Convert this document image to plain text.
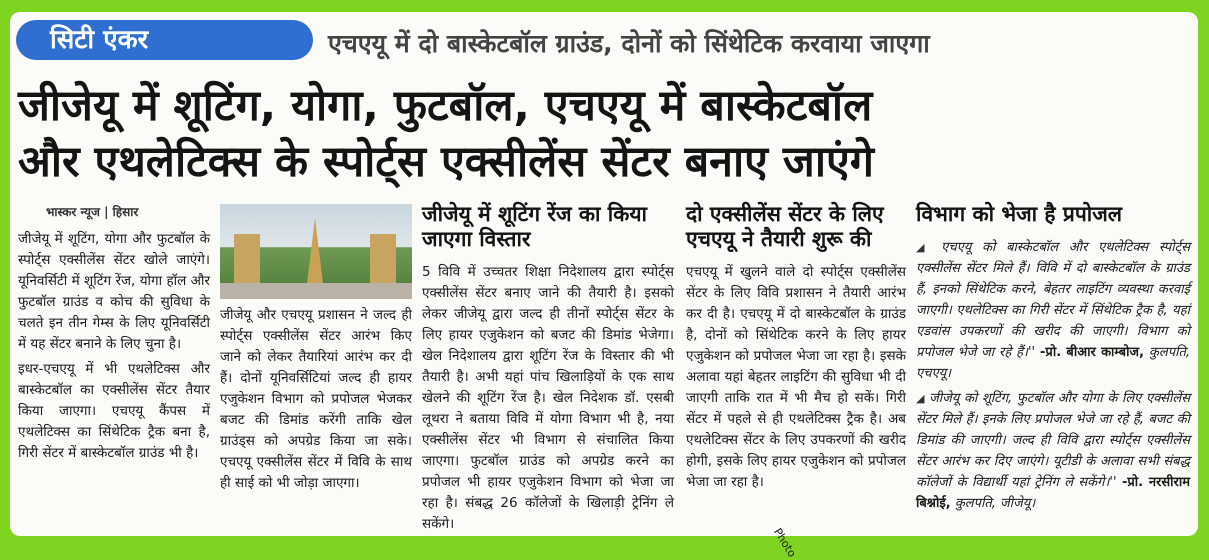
सिटी एंकर	एचएयू में दो बास्केटबॉल ग्राउंड, दोनों को सिंथेटिक करवाया जाएगा
जीजेयू में शूटिंग, योगा, फुटबॉल, एचएयू में बास्केटबॉल
और एथलेटिक्स के स्पोर्ट्स एक्सीलेंस सेंटर बनाए जाएंगे
भास्कर न्यूज | हिसार

जीजेयू में शूटिंग, योगा और फुटबॉल के स्पोर्ट्स एक्सीलेंस सेंटर खोले जाएंगे। यूनिवर्सिटी में शूटिंग रेंज, योगा हॉल और फुटबॉल ग्राउंड व कोच की सुविधा के चलते इन तीन गेम्स के लिए यूनिवर्सिटी में यह सेंटर बनाने के लिए चुना है।

इधर-एचएयू में भी एथलेटिक्स और बास्केटबॉल का एक्सीलेंस सेंटर तैयार किया जाएगा। एचएयू कैंपस में एथलेटिक्स का सिंथेटिक ट्रैक बना है, गिरी सेंटर में बास्केटबॉल ग्राउंड भी है।

जीजेयू और एचएयू प्रशासन ने जल्द ही स्पोर्ट्स एक्सीलेंस सेंटर आरंभ किए जाने को लेकर तैयारियां आरंभ कर दी हैं। दोनों यूनिवर्सिटियां जल्द ही हायर एजुकेशन विभाग को प्रपोजल भेजकर बजट की डिमांड करेंगी ताकि खेल ग्राउंड्स को अपग्रेड किया जा सके। एचएयू एक्सीलेंस सेंटर में विवि के साथ ही साई को भी जोड़ा जाएगा।

जीजेयू में शूटिंग रेंज का किया जाएगा विस्तार

5 विवि में उच्चतर शिक्षा निदेशालय द्वारा स्पोर्ट्स एक्सीलेंस सेंटर बनाए जाने की तैयारी है। इसको लेकर जीजेयू द्वारा जल्द ही तीनों स्पोर्ट्स सेंटर के लिए हायर एजुकेशन को बजट की डिमांड भेजेगा। खेल निदेशालय द्वारा शूटिंग रेंज के विस्तार की भी तैयारी है। अभी यहां पांच खिलाड़ियों के एक साथ खेलने की शूटिंग रेंज है। खेल निदेशक डॉ. एसबी लूथरा ने बताया विवि में योगा विभाग भी है, नया एक्सीलेंस सेंटर भी विभाग से संचालित किया जाएगा। फुटबॉल ग्राउंड को अपग्रेड करने का प्रपोजल भी हायर एजुकेशन विभाग को भेजा जा रहा है। संबद्ध 26 कॉलेजों के खिलाड़ी ट्रेनिंग ले सकेंगे।

दो एक्सीलेंस सेंटर के लिए एचएयू ने तैयारी शुरू की

एचएयू में खुलने वाले दो स्पोर्ट्स एक्सीलेंस सेंटर के लिए विवि प्रशासन ने तैयारी आरंभ कर दी है। एचएयू में दो बास्केटबॉल के ग्राउंड है, दोनों को सिंथेटिक करने के लिए हायर एजुकेशन को प्रपोजल भेजा जा रहा है। इसके अलावा यहां बेहतर लाइटिंग की सुविधा भी दी जाएगी ताकि रात में भी मैच हो सकें। गिरी सेंटर में पहले से ही एथलेटिक्स ट्रैक है। अब एथलेटिक्स सेंटर के लिए उपकरणों की खरीद होगी, इसके लिए हायर एजुकेशन को प्रपोजल भेजा जा रहा है।

विभाग को भेजा है प्रपोजल

◢ एचएयू को बास्केटबॉल और एथलेटिक्स स्पोर्ट्स एक्सीलेंस सेंटर मिले हैं। विवि में दो बास्केटबॉल के ग्राउंड हैं, इनको सिंथेटिक करने, बेहतर लाइटिंग व्यवस्था करवाई जाएगी। एथलेटिक्स का गिरी सेंटर में सिंथेटिक ट्रैक है, यहां एडवांस उपकरणों की खरीद की जाएगी। विभाग को प्रपोजल भेजे जा रहे हैं।'' -प्रो. बीआर काम्बोज, कुलपति, एचएयू।

◢ जीजेयू को शूटिंग, फुटबॉल और योगा के लिए एक्सीलेंस सेंटर मिले हैं। इनके लिए प्रपोजल भेजे जा रहे हैं, बजट की डिमांड की जाएगी। जल्द ही विवि द्वारा स्पोर्ट्स एक्सीलेंस सेंटर आरंभ कर दिए जाएंगे। यूटीडी के अलावा सभी संबद्ध कॉलेजों के विद्यार्थी यहां ट्रेनिंग ले सकेंगे।'' -प्रो. नरसीराम बिश्नोई, कुलपति, जीजेयू।

Photo
